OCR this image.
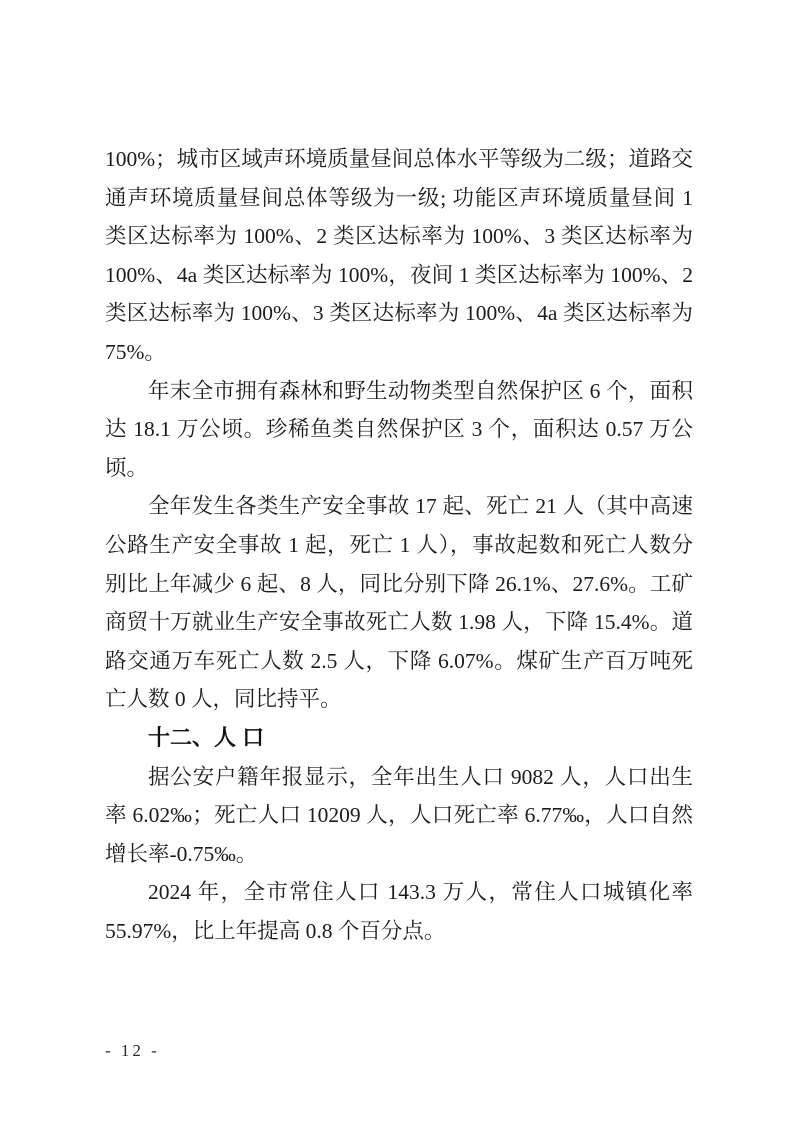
100%；城市区域声环境质量昼间总体水平等级为二级；道路交通声环境质量昼间总体等级为一级; 功能区声环境质量昼间 1 类区达标率为 100%、2 类区达标率为 100%、3 类区达标率为 100%、4a 类区达标率为 100%，夜间 1 类区达标率为 100%、2 类区达标率为 100%、3 类区达标率为 100%、4a 类区达标率为 75%。

年末全市拥有森林和野生动物类型自然保护区 6 个，面积达 18.1 万公顷。珍稀鱼类自然保护区 3 个，面积达 0.57 万公顷。

全年发生各类生产安全事故 17 起、死亡 21 人（其中高速公路生产安全事故 1 起，死亡 1 人），事故起数和死亡人数分别比上年减少 6 起、8 人，同比分别下降 26.1%、27.6%。工矿商贸十万就业生产安全事故死亡人数 1.98 人，下降 15.4%。道路交通万车死亡人数 2.5 人，下降 6.07%。煤矿生产百万吨死亡人数 0 人，同比持平。

十二、人 口

据公安户籍年报显示，全年出生人口 9082 人，人口出生率 6.02‰；死亡人口 10209 人，人口死亡率 6.77‰，人口自然增长率-0.75‰。

2024 年，全市常住人口 143.3 万人，常住人口城镇化率 55.97%，比上年提高 0.8 个百分点。

- 12 -
